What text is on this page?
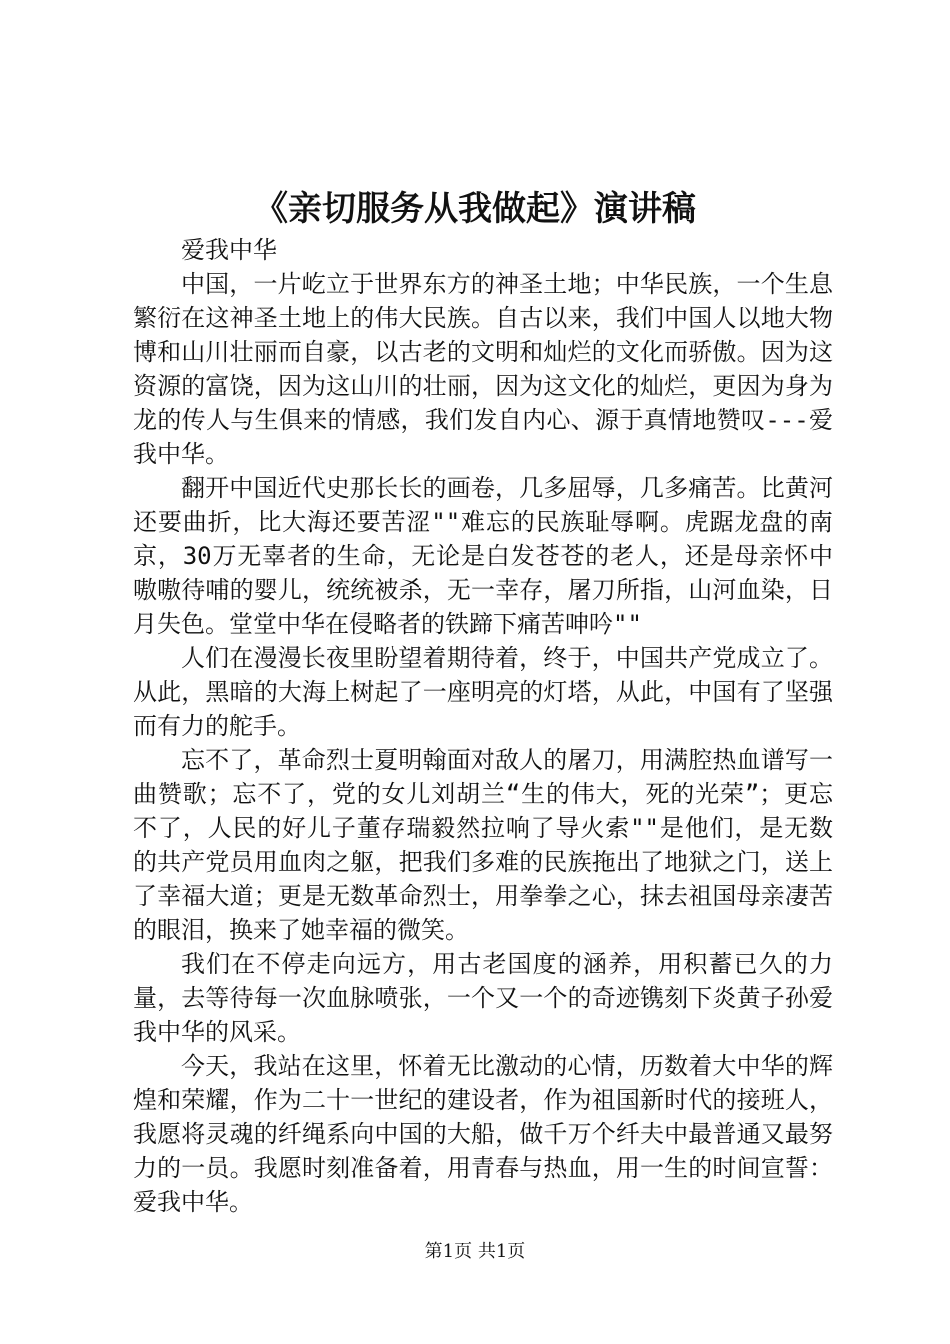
《亲切服务从我做起》演讲稿

爱我中华

中国，一片屹立于世界东方的神圣土地；中华民族，一个生息繁衍在这神圣土地上的伟大民族。自古以来，我们中国人以地大物博和山川壮丽而自豪，以古老的文明和灿烂的文化而骄傲。因为这资源的富饶，因为这山川的壮丽，因为这文化的灿烂，更因为身为龙的传人与生俱来的情感，我们发自内心、源于真情地赞叹---爱我中华。

翻开中国近代史那长长的画卷，几多屈辱，几多痛苦。比黄河还要曲折，比大海还要苦涩""难忘的民族耻辱啊。虎踞龙盘的南京，30万无辜者的生命，无论是白发苍苍的老人，还是母亲怀中嗷嗷待哺的婴儿，统统被杀，无一幸存，屠刀所指，山河血染，日月失色。堂堂中华在侵略者的铁蹄下痛苦呻吟""

人们在漫漫长夜里盼望着期待着，终于，中国共产党成立了。从此，黑暗的大海上树起了一座明亮的灯塔，从此，中国有了坚强而有力的舵手。

忘不了，革命烈士夏明翰面对敌人的屠刀，用满腔热血谱写一曲赞歌；忘不了，党的女儿刘胡兰“生的伟大，死的光荣”；更忘不了，人民的好儿子董存瑞毅然拉响了导火索""是他们，是无数的共产党员用血肉之躯，把我们多难的民族拖出了地狱之门，送上了幸福大道；更是无数革命烈士，用拳拳之心，抹去祖国母亲凄苦的眼泪，换来了她幸福的微笑。

我们在不停走向远方，用古老国度的涵养，用积蓄已久的力量，去等待每一次血脉喷张，一个又一个的奇迹镌刻下炎黄子孙爱我中华的风采。

今天，我站在这里，怀着无比激动的心情，历数着大中华的辉煌和荣耀，作为二十一世纪的建设者，作为祖国新时代的接班人，我愿将灵魂的纤绳系向中国的大船，做千万个纤夫中最普通又最努力的一员。我愿时刻准备着，用青春与热血，用一生的时间宣誓：爱我中华。

第1页 共1页
